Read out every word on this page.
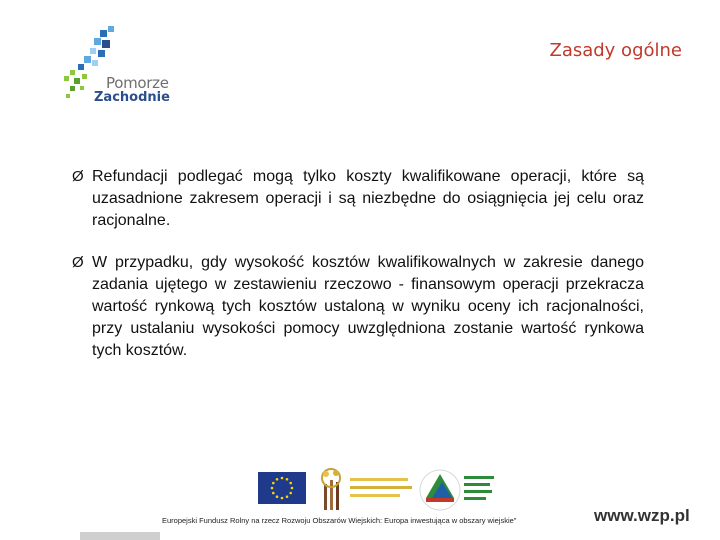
Pomorze
Zachodnie
Zasady ogólne
Ø Refundacji podlegać mogą tylko koszty kwalifikowane operacji, które są uzasadnione zakresem operacji i są niezbędne do osiągnięcia jej celu oraz racjonalne.
Ø W przypadku, gdy wysokość kosztów kwalifikowalnych w zakresie danego zadania ujętego w zestawieniu rzeczowo - finansowym operacji przekracza wartość rynkową tych kosztów ustaloną w wyniku oceny ich racjonalności, przy ustalaniu wysokości pomocy uwzględniona zostanie wartość rynkowa tych kosztów.
Europejski Fundusz Rolny na rzecz Rozwoju Obszarów Wiejskich: Europa inwestująca w obszary wiejskie"	www.wzp.pl
